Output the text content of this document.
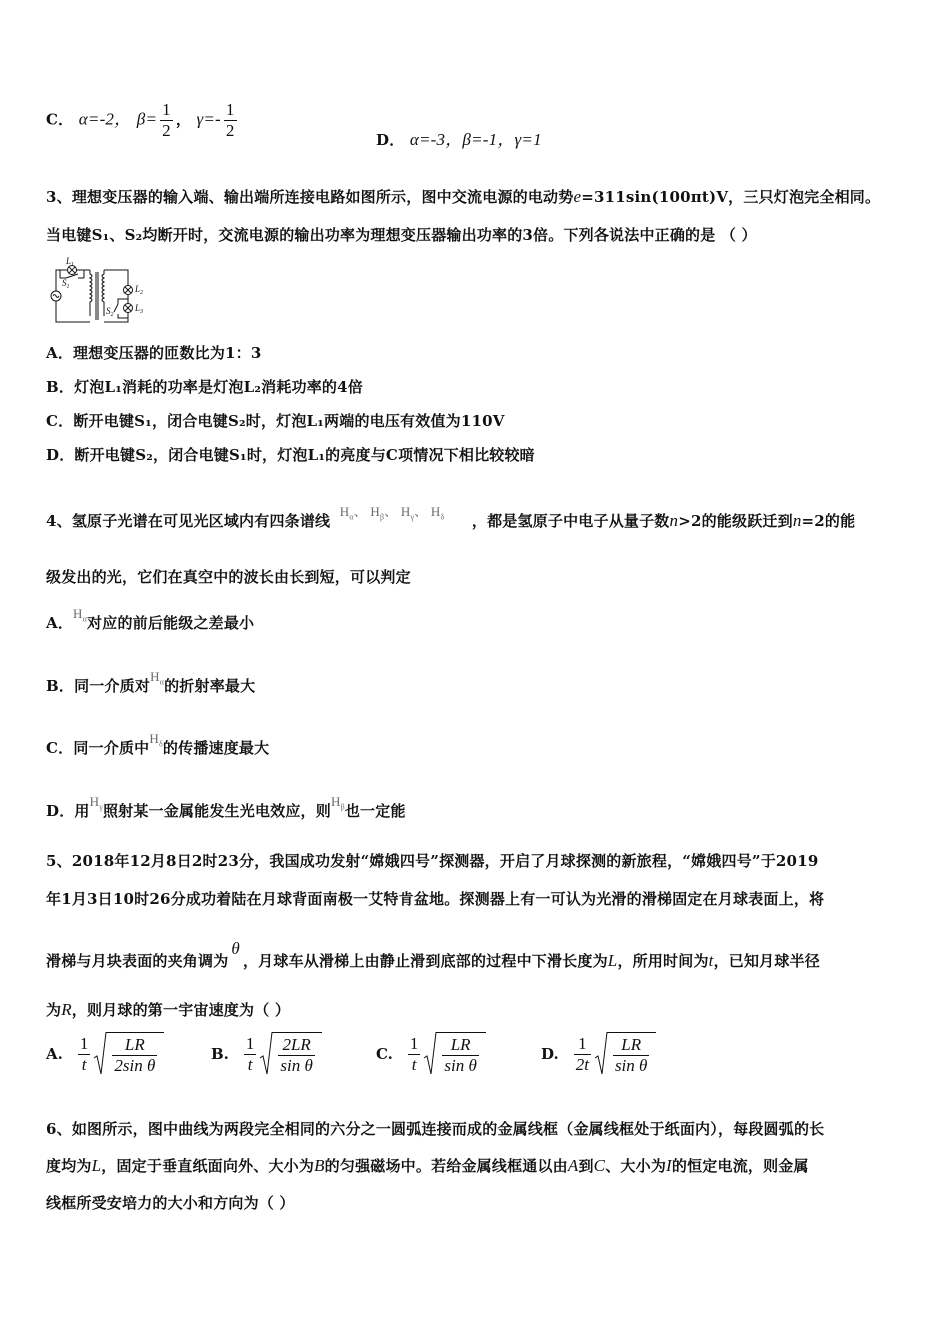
C． α=-2， $\beta= \frac{1}{2}$ ， $\gamma=- \frac{1}{2}$	D． α=-3，β=-1，γ=1
3、理想变压器的输入端、输出端所连接电路如图所示，图中交流电源的电动势e=311sin(100πt)V，三只灯泡完全相同。
当电键S₁、S₂均断开时，交流电源的输出功率为理想变压器输出功率的3倍。下列各说法中正确的是 （ ）
$L_1$
$S_1$	$L_2$
$S_2$
$L_3$
A．理想变压器的匝数比为1：3
B．灯泡L₁消耗的功率是灯泡L₂消耗功率的4倍
C．断开电键S₁，闭合电键S₂时，灯泡L₁两端的电压有效值为110V
D．断开电键S₂，闭合电键S₁时，灯泡L₁的亮度与C项情况下相比较较暗
4、氢原子光谱在可见光区域内有四条谱线 $H_\alpha$、 $H_\beta$、 $H_\gamma$、 $H_\delta$ ，都是氢原子中电子从量子数n>2的能级跃迁到n=2的能
级发出的光，它们在真空中的波长由长到短，可以判定
A．$H_\alpha$对应的前后能级之差最小
B．同一介质对$H_\alpha$的折射率最大
C．同一介质中$H_\delta$的传播速度最大
D．用$H_\gamma$照射某一金属能发生光电效应，则$H_\beta$也一定能
5、2018年12月8日2时23分，我国成功发射“嫦娥四号”探测器，开启了月球探测的新旅程，“嫦娥四号”于2019
年1月3日10时26分成功着陆在月球背面南极一艾特肯盆地。探测器上有一可认为光滑的滑梯固定在月球表面上，将
滑梯与月块表面的夹角调为θ，月球车从滑梯上由静止滑到底部的过程中下滑长度为L，所用时间为t，已知月球半径
为R，则月球的第一宇宙速度为（ ）
A. $\frac{1}{t} \frac{LR}{\text{2sin θ}}$	B. $\frac{1}{t} \frac{2LR}{\text{sin θ}}$	C. $\frac{1}{t} \frac{LR}{\text{sin θ}}$	D. $\frac{1}{2t} \frac{LR}{\text{sin θ}}$
6、如图所示，图中曲线为两段完全相同的六分之一圆弧连接而成的金属线框（金属线框处于纸面内），每段圆弧的长
度均为L，固定于垂直纸面向外、大小为B的匀强磁场中。若给金属线框通以由A到C、大小为I的恒定电流，则金属
线框所受安培力的大小和方向为（ ）
